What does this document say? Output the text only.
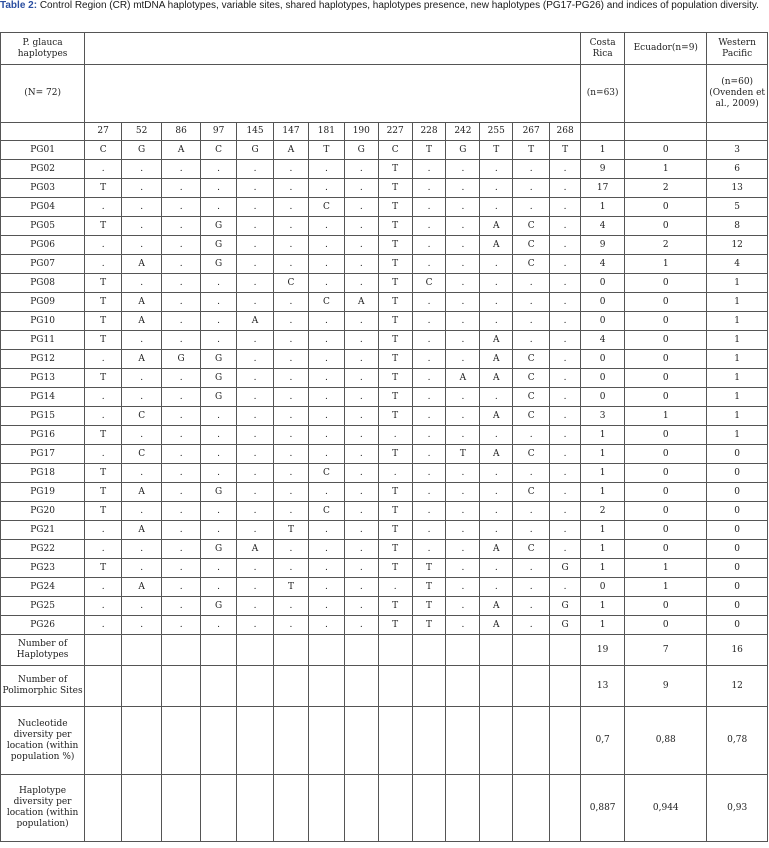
Table 2: Control Region (CR) mtDNA haplotypes, variable sites, shared haplotypes, haplotypes presence, new haplotypes (PG17-PG26) and indices of population diversity.
P. glauca haplotypes															Costa Rica	Ecuador(n=9)	Western Pacific
(N= 72)															(n=63)		(n=60) (Ovenden et al., 2009)
	27	52	86	97	145	147	181	190	227	228	242	255	267	268			
PG01	C	G	A	C	G	A	T	G	C	T	G	T	T	T	1	0	3
PG02	.	.	.	.	.	.	.	.	T	.	.	.	.	.	9	1	6
PG03	T	.	.	.	.	.	.	.	T	.	.	.	.	.	17	2	13
PG04	.	.	.	.	.	.	C	.	T	.	.	.	.	.	1	0	5
PG05	T	.	.	G	.	.	.	.	T	.	.	A	C	.	4	0	8
PG06	.	.	.	G	.	.	.	.	T	.	.	A	C	.	9	2	12
PG07	.	A	.	G	.	.	.	.	T	.	.	.	C	.	4	1	4
PG08	T	.	.	.	.	C	.	.	T	C	.	.	.	.	0	0	1
PG09	T	A	.	.	.	.	C	A	T	.	.	.	.	.	0	0	1
PG10	T	A	.	.	A	.	.	.	T	.	.	.	.	.	0	0	1
PG11	T	.	.	.	.	.	.	.	T	.	.	A	.	.	4	0	1
PG12	.	A	G	G	.	.	.	.	T	.	.	A	C	.	0	0	1
PG13	T	.	.	G	.	.	.	.	T	.	A	A	C	.	0	0	1
PG14	.	.	.	G	.	.	.	.	T	.	.	.	C	.	0	0	1
PG15	.	C	.	.	.	.	.	.	T	.	.	A	C	.	3	1	1
PG16	T	.	.	.	.	.	.	.	.	.	.	.	.	.	1	0	1
PG17	.	C	.	.	.	.	.	.	T	.	T	A	C	.	1	0	0
PG18	T	.	.	.	.	.	C	.	.	.	.	.	.	.	1	0	0
PG19	T	A	.	G	.	.	.	.	T	.	.	.	C	.	1	0	0
PG20	T	.	.	.	.	.	C	.	T	.	.	.	.	.	2	0	0
PG21	.	A	.	.	.	T	.	.	T	.	.	.	.	.	1	0	0
PG22	.	.	.	G	A	.	.	.	T	.	.	A	C	.	1	0	0
PG23	T	.	.	.	.	.	.	.	T	T	.	.	.	G	1	1	0
PG24	.	A	.	.	.	T	.	.	.	T	.	.	.	.	0	1	0
PG25	.	.	.	G	.	.	.	.	T	T	.	A	.	G	1	0	0
PG26	.	.	.	.	.	.	.	.	T	T	.	A	.	G	1	0	0
Number of Haplotypes															19	7	16
Number of Polimorphic Sites															13	9	12
Nucleotide diversity per location (within population %)															0,7	0,88	0,78
Haplotype diversity per location (within population)															0,887	0,944	0,93
